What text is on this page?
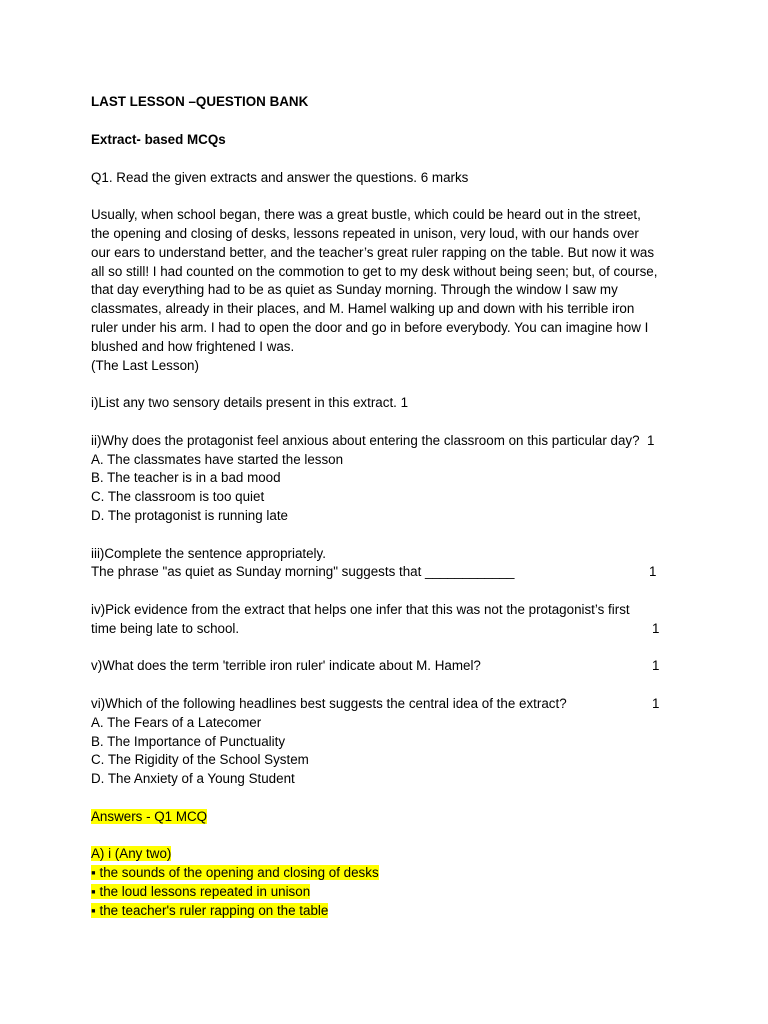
LAST LESSON –QUESTION BANK

Extract- based MCQs

Q1. Read the given extracts and answer the questions. 6 marks

Usually, when school began, there was a great bustle, which could be heard out in the street,
the opening and closing of desks, lessons repeated in unison, very loud, with our hands over
our ears to understand better, and the teacher’s great ruler rapping on the table. But now it was
all so still! I had counted on the commotion to get to my desk without being seen; but, of course,
that day everything had to be as quiet as Sunday morning. Through the window I saw my
classmates, already in their places, and M. Hamel walking up and down with his terrible iron
ruler under his arm. I had to open the door and go in before everybody. You can imagine how I
blushed and how frightened I was.
(The Last Lesson)

i)List any two sensory details present in this extract. 1

ii)Why does the protagonist feel anxious about entering the classroom on this particular day?  1
A. The classmates have started the lesson
B. The teacher is in a bad mood
C. The classroom is too quiet
D. The protagonist is running late
iii)Complete the sentence appropriately.
The phrase "as quiet as Sunday morning" suggests that ____________	1
iv)Pick evidence from the extract that helps one infer that this was not the protagonist’s first
time being late to school.	1
v)What does the term 'terrible iron ruler' indicate about M. Hamel?	1
vi)Which of the following headlines best suggests the central idea of the extract?	1
A. The Fears of a Latecomer
B. The Importance of Punctuality
C. The Rigidity of the School System
D. The Anxiety of a Young Student

Answers - Q1 MCQ

A) i (Any two)
▪ the sounds of the opening and closing of desks
▪ the loud lessons repeated in unison
▪ the teacher's ruler rapping on the table
